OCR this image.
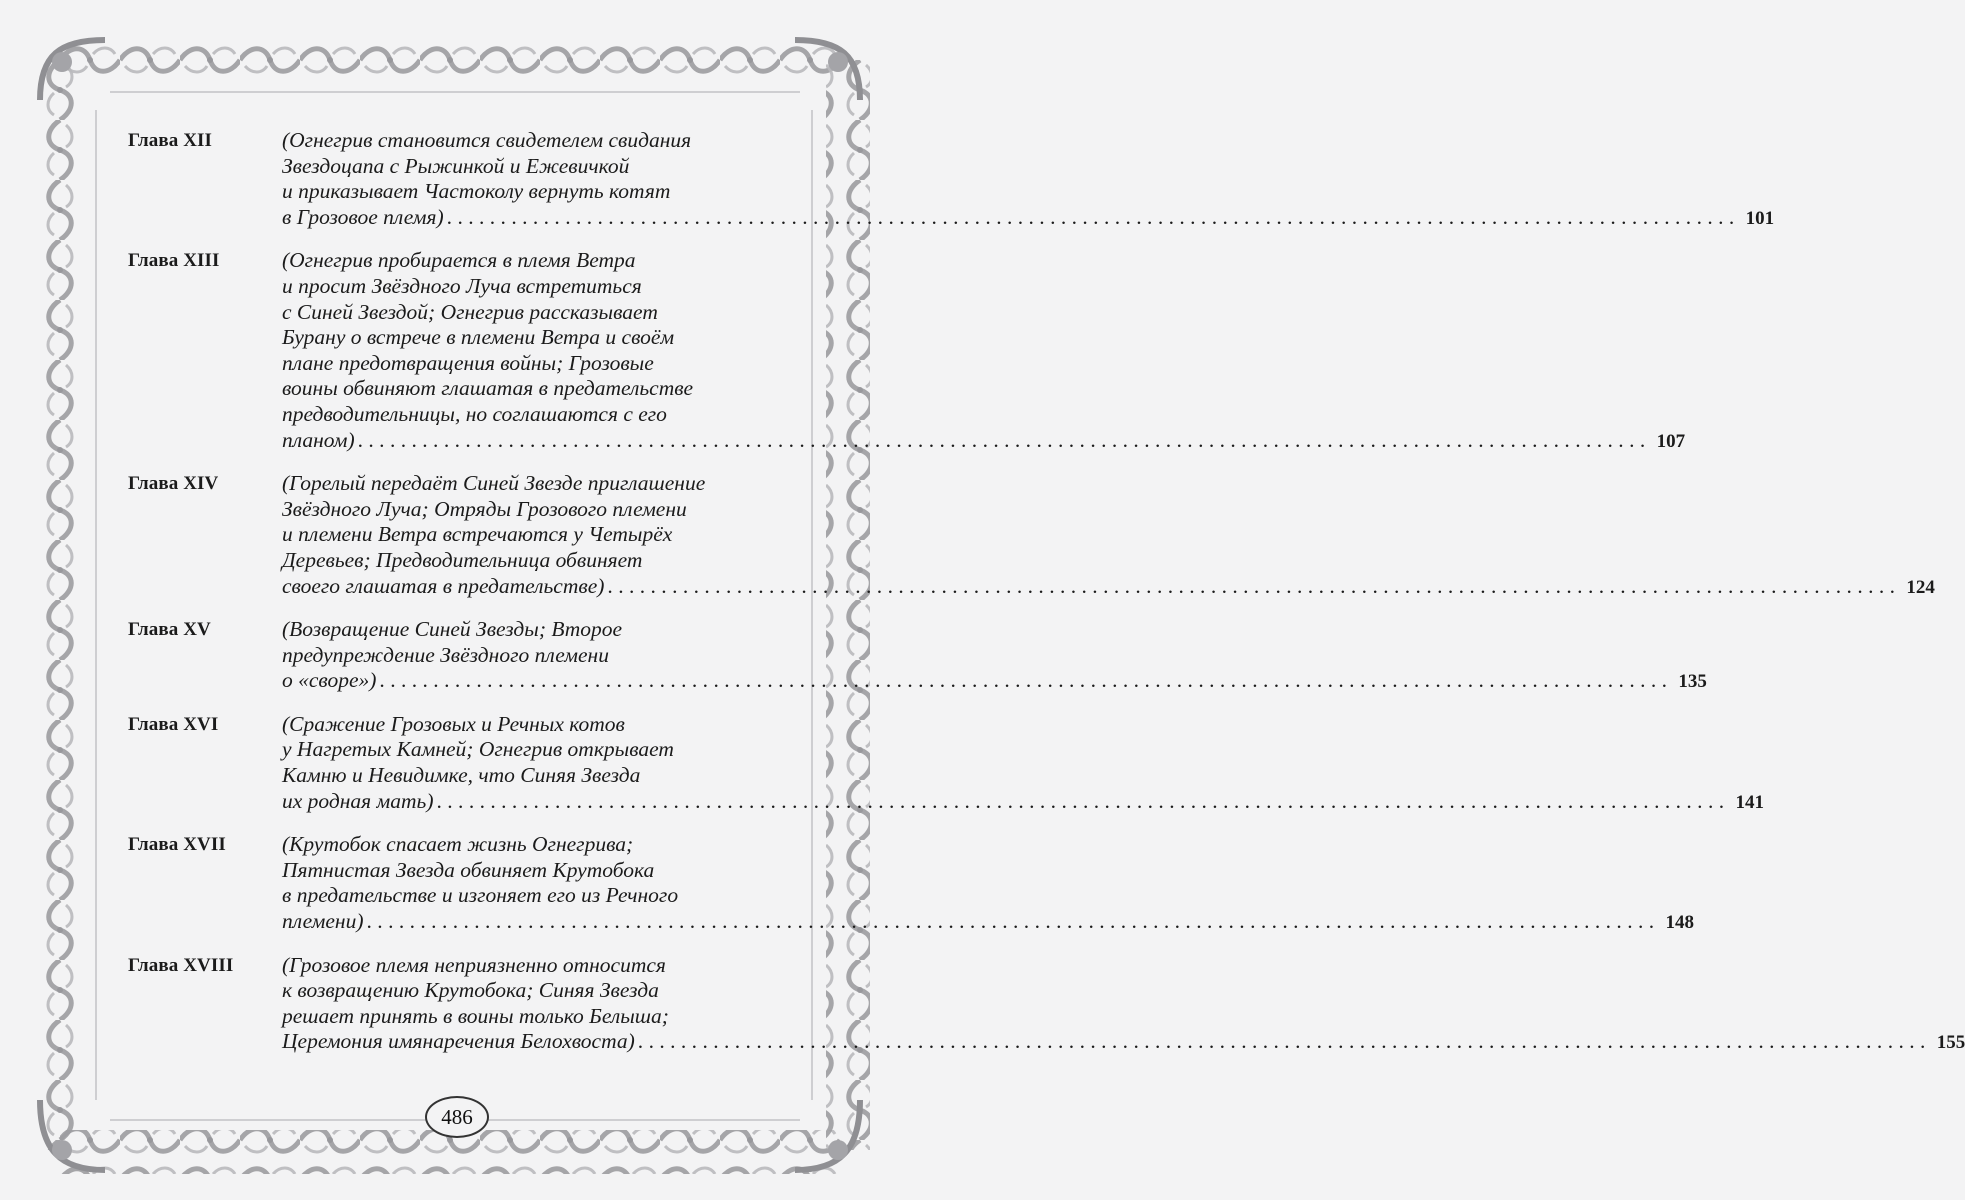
Глава XII	(Огнегрив становится свидетелем свидания
Звездоцапа с Рыжинкой и Ежевичкой
и приказывает Частоколу вернуть котят
в Грозовое племя) ........................................................................................................................ 101
Глава XIII	(Огнегрив пробирается в племя Ветра
и просит Звёздного Луча встретиться
с Синей Звездой; Огнегрив рассказывает
Бурану о встрече в племени Ветра и своём
плане предотвращения войны; Грозовые
воины обвиняют глашатая в предательстве
предводительницы, но соглашаются с его
планом) ........................................................................................................................ 107
Глава XIV	(Горелый передаёт Синей Звезде приглашение
Звёздного Луча; Отряды Грозового племени
и племени Ветра встречаются у Четырёх
Деревьев; Предводительница обвиняет
своего глашатая в предательстве) ........................................................................................................................ 124
Глава XV	(Возвращение Синей Звезды; Второе
предупреждение Звёздного племени
о «своре») ........................................................................................................................ 135
Глава XVI	(Сражение Грозовых и Речных котов
у Нагретых Камней; Огнегрив открывает
Камню и Невидимке, что Синяя Звезда
их родная мать) ........................................................................................................................ 141
Глава XVII	(Крутобок спасает жизнь Огнегрива;
Пятнистая Звезда обвиняет Крутобока
в предательстве и изгоняет его из Речного
племени) ........................................................................................................................ 148
Глава XVIII	(Грозовое племя неприязненно относится
к возвращению Крутобока; Синяя Звезда
решает принять в воины только Белыша;
Церемония имянаречения Белохвоста) ........................................................................................................................ 155
486
